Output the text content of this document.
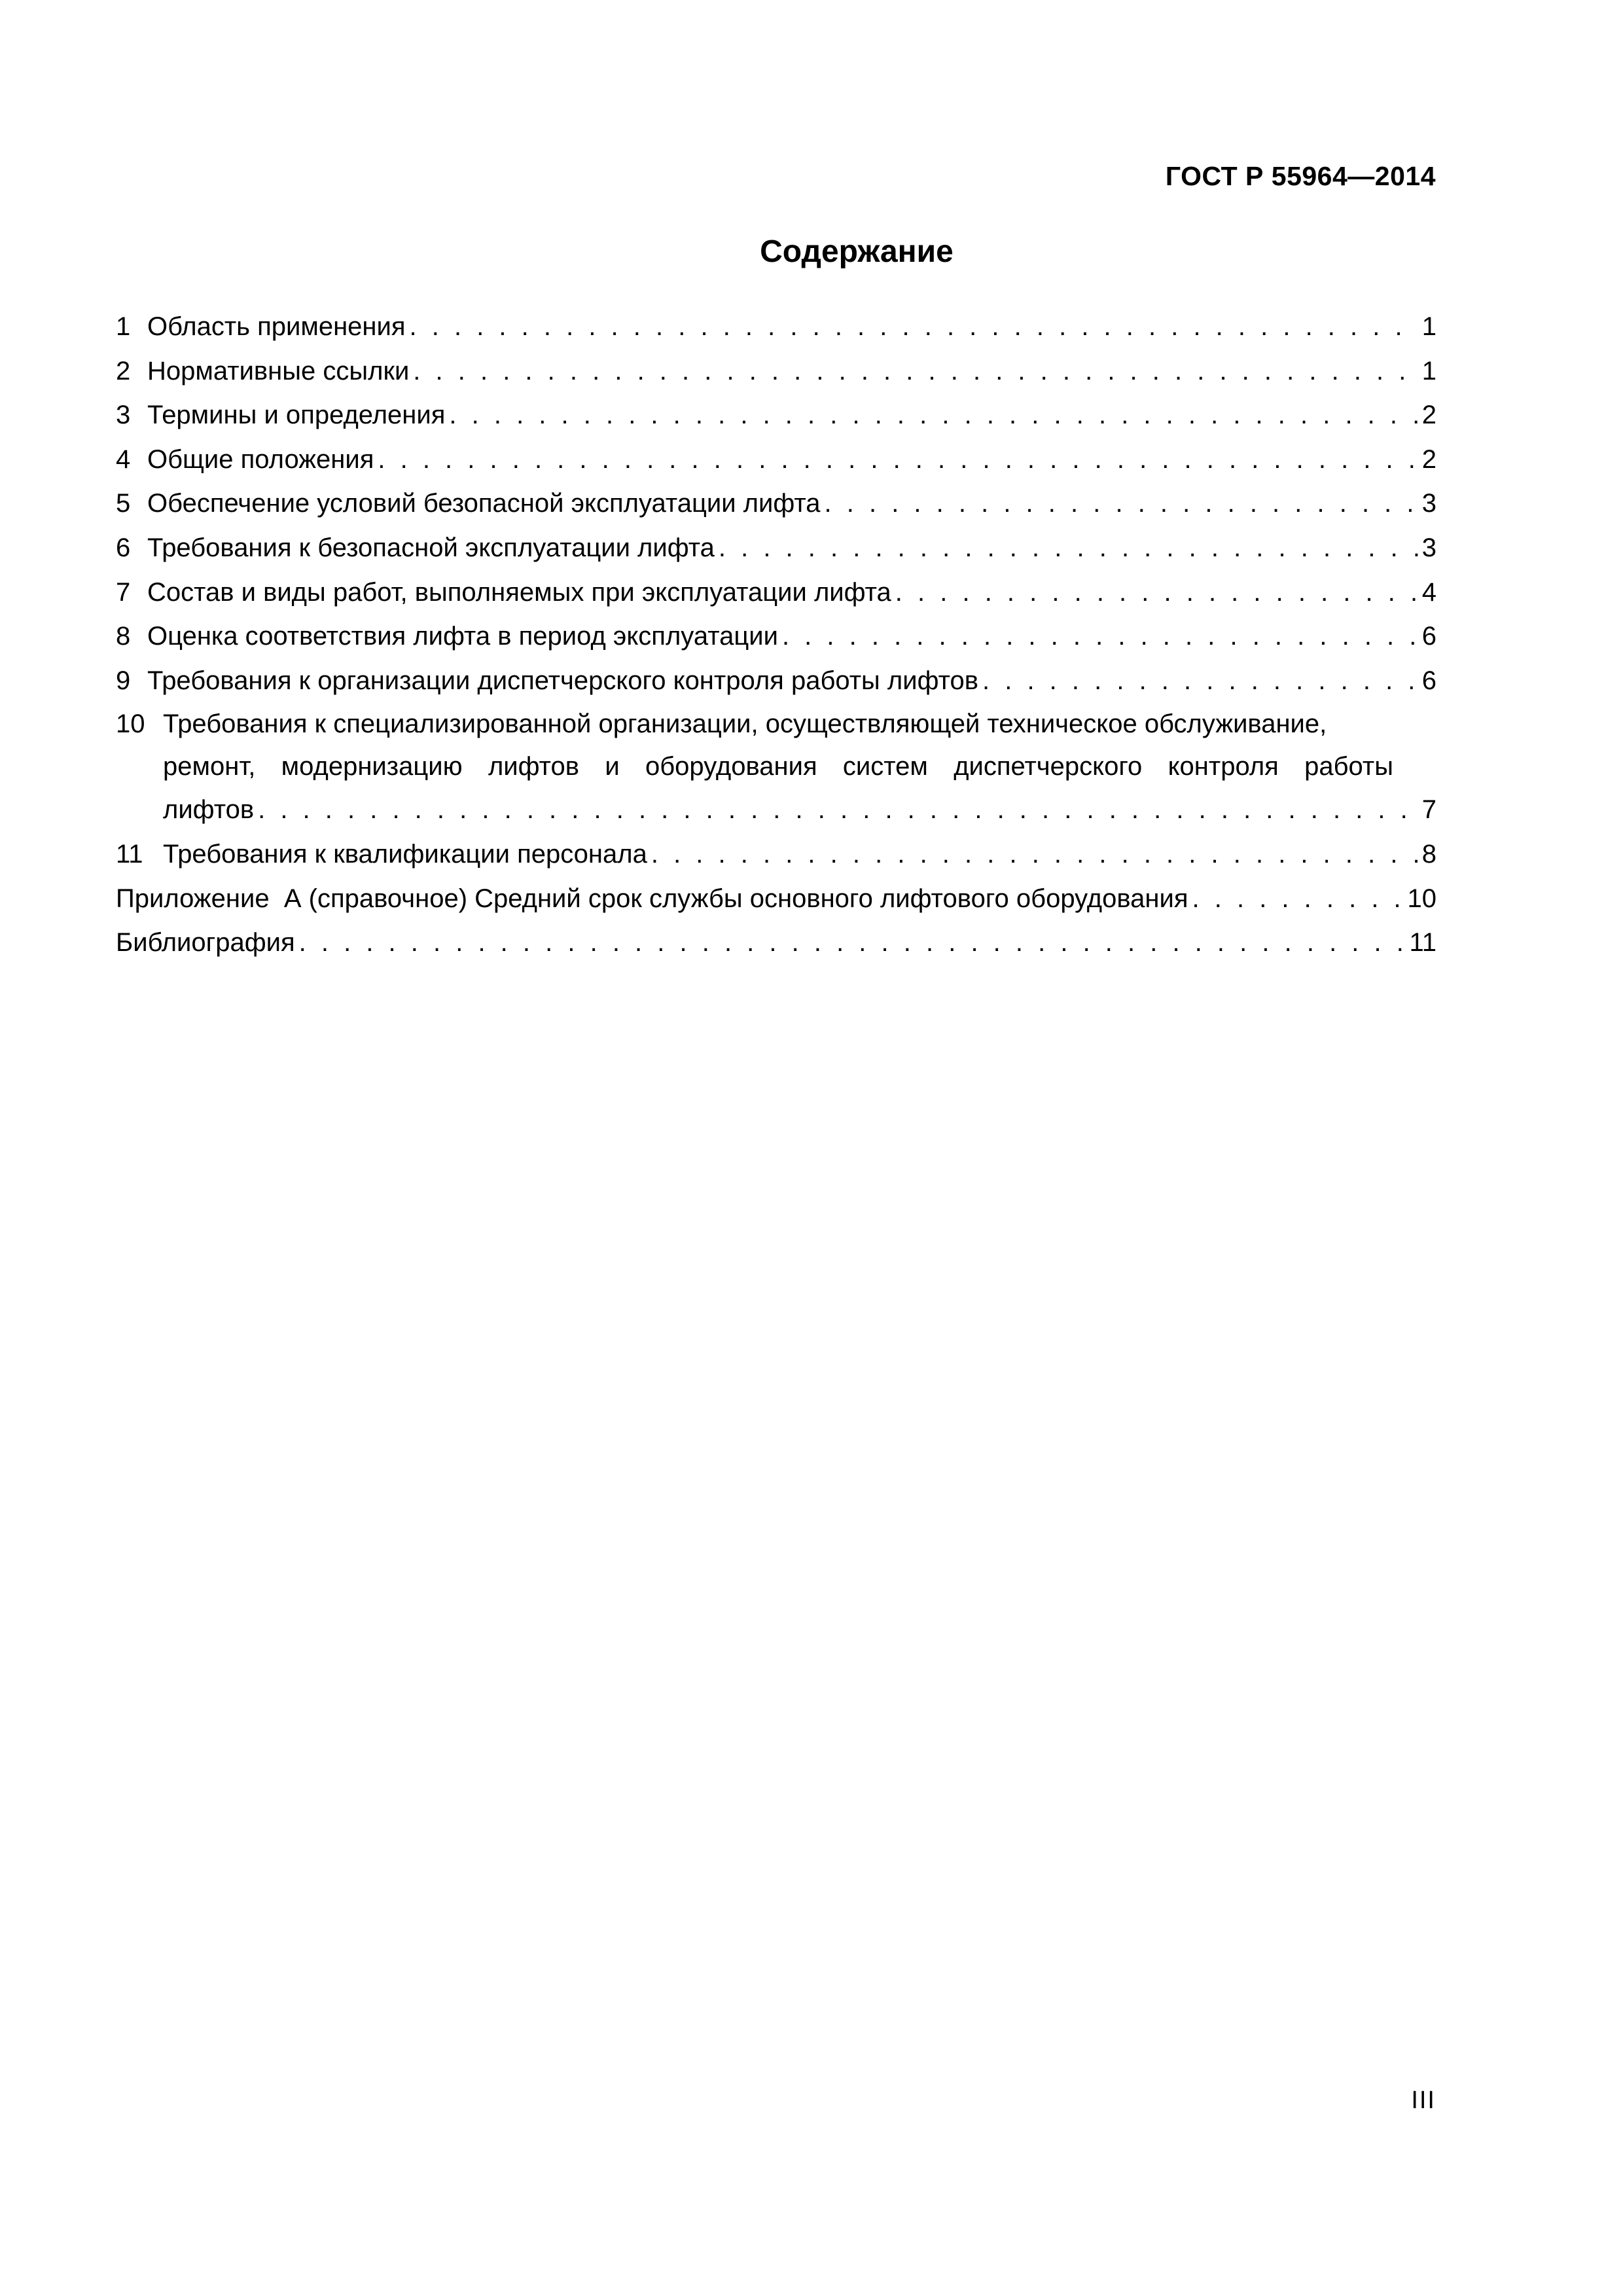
ГОСТ Р 55964—2014
Содержание
1 Область применения . . .	1
2 Нормативные ссылки . . .	1
3 Термины и определения . . .	2
4 Общие положения . . .	2
5 Обеспечение условий безопасной эксплуатации лифта . . .	3
6 Требования к безопасной эксплуатации лифта . . .	3
7 Состав и виды работ, выполняемых при эксплуатации лифта . . .	4
8 Оценка соответствия лифта в период эксплуатации . . .	6
9 Требования к организации диспетчерского контроля работы лифтов . . .	6
10 Требования к специализированной организации, осуществляющей техническое обслуживание,
ремонт, модернизацию лифтов и оборудования систем диспетчерского контроля работы
лифтов . . .	7
11 Требования к квалификации персонала . . .	8
Приложение  А (справочное) Средний срок службы основного лифтового оборудования . . .	10
Библиография . . .	11
III
